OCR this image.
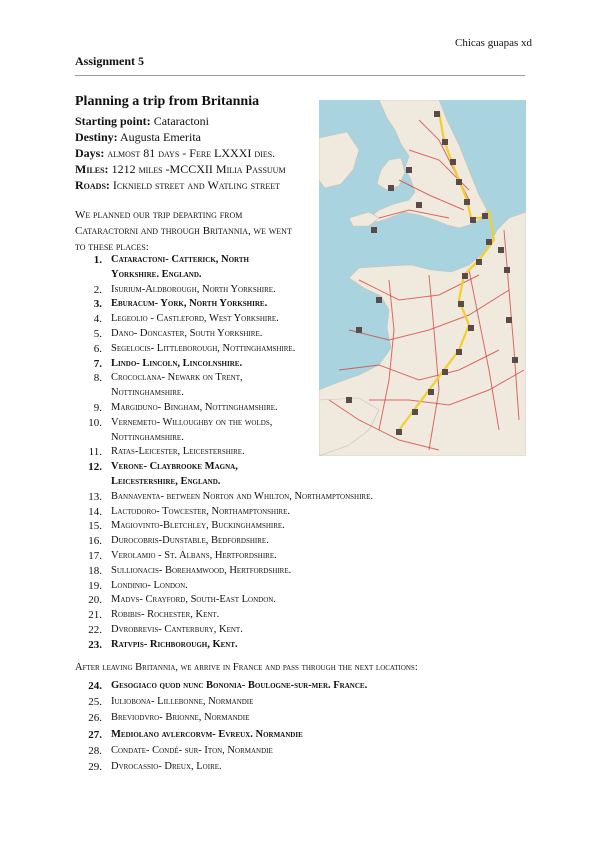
Chicas guapas xd
Assignment 5
Planning a trip from Britannia
Starting point: Cataractoni
Destiny: Augusta Emerita
Days: almost 81 days - Fere LXXXI dies.
Miles: 1212 miles -MCCXII Milia Passuum
Roads: Icknield street and Watling street
We planned our trip departing from
Cataractorni and through Britannia, we went
to these places:
1. Cataractoni- Catterick, North
Yorkshire. England.
2. Isurium-Aldborough, North Yorkshire.
3. Eburacum- York, North Yorkshire.
4. Legeolio - Castleford, West Yorkshire.
5. Dano- Doncaster, South Yorkshire.
6. Segelocis- Littleborough, Nottinghamshire.
7. Lindo- Lincoln, Lincolnshire.
8. Crococlana- Newark on Trent,
Nottinghamshire.
9. Margiduno- Bingham, Nottinghamshire.
10. Vernemeto- Willoughby on the wolds,
Nottinghamshire.
11. Ratas-Leicester, Leicestershire.
12. Verone- Claybrooke Magna,
Leicestershire, England.
13. Bannaventa- between Norton and Whilton, Northamptonshire.
14. Lactodoro- Towcester, Northamptonshire.
15. Magiovinto-Bletchley, Buckinghamshire.
16. Durocobris-Dunstable, Bedfordshire.
17. Verolamio - St. Albans, Hertfordshire.
18. Sullionacis- Borehamwood, Hertfordshire.
19. Londinio- London.
20. Madvs- Crayford, South-East London.
21. Robibis- Rochester, Kent.
22. Dvrobrevis- Canterbury, Kent.
23. Ratvpis- Richborough, Kent.
After leaving Britannia, we arrive in France and pass through the next locations:
24. Gesogiaco quod nunc Bononia- Boulogne-sur-mer. France.
25. Iuliobona- Lillebonne, Normandie
26. Breviodvro- Brionne, Normandie
27. Mediolano avlercorvm- Evreux. Normandie
28. Condate- Condé- sur- Iton, Normandie
29. Dvrocassio- Dreux, Loire.
